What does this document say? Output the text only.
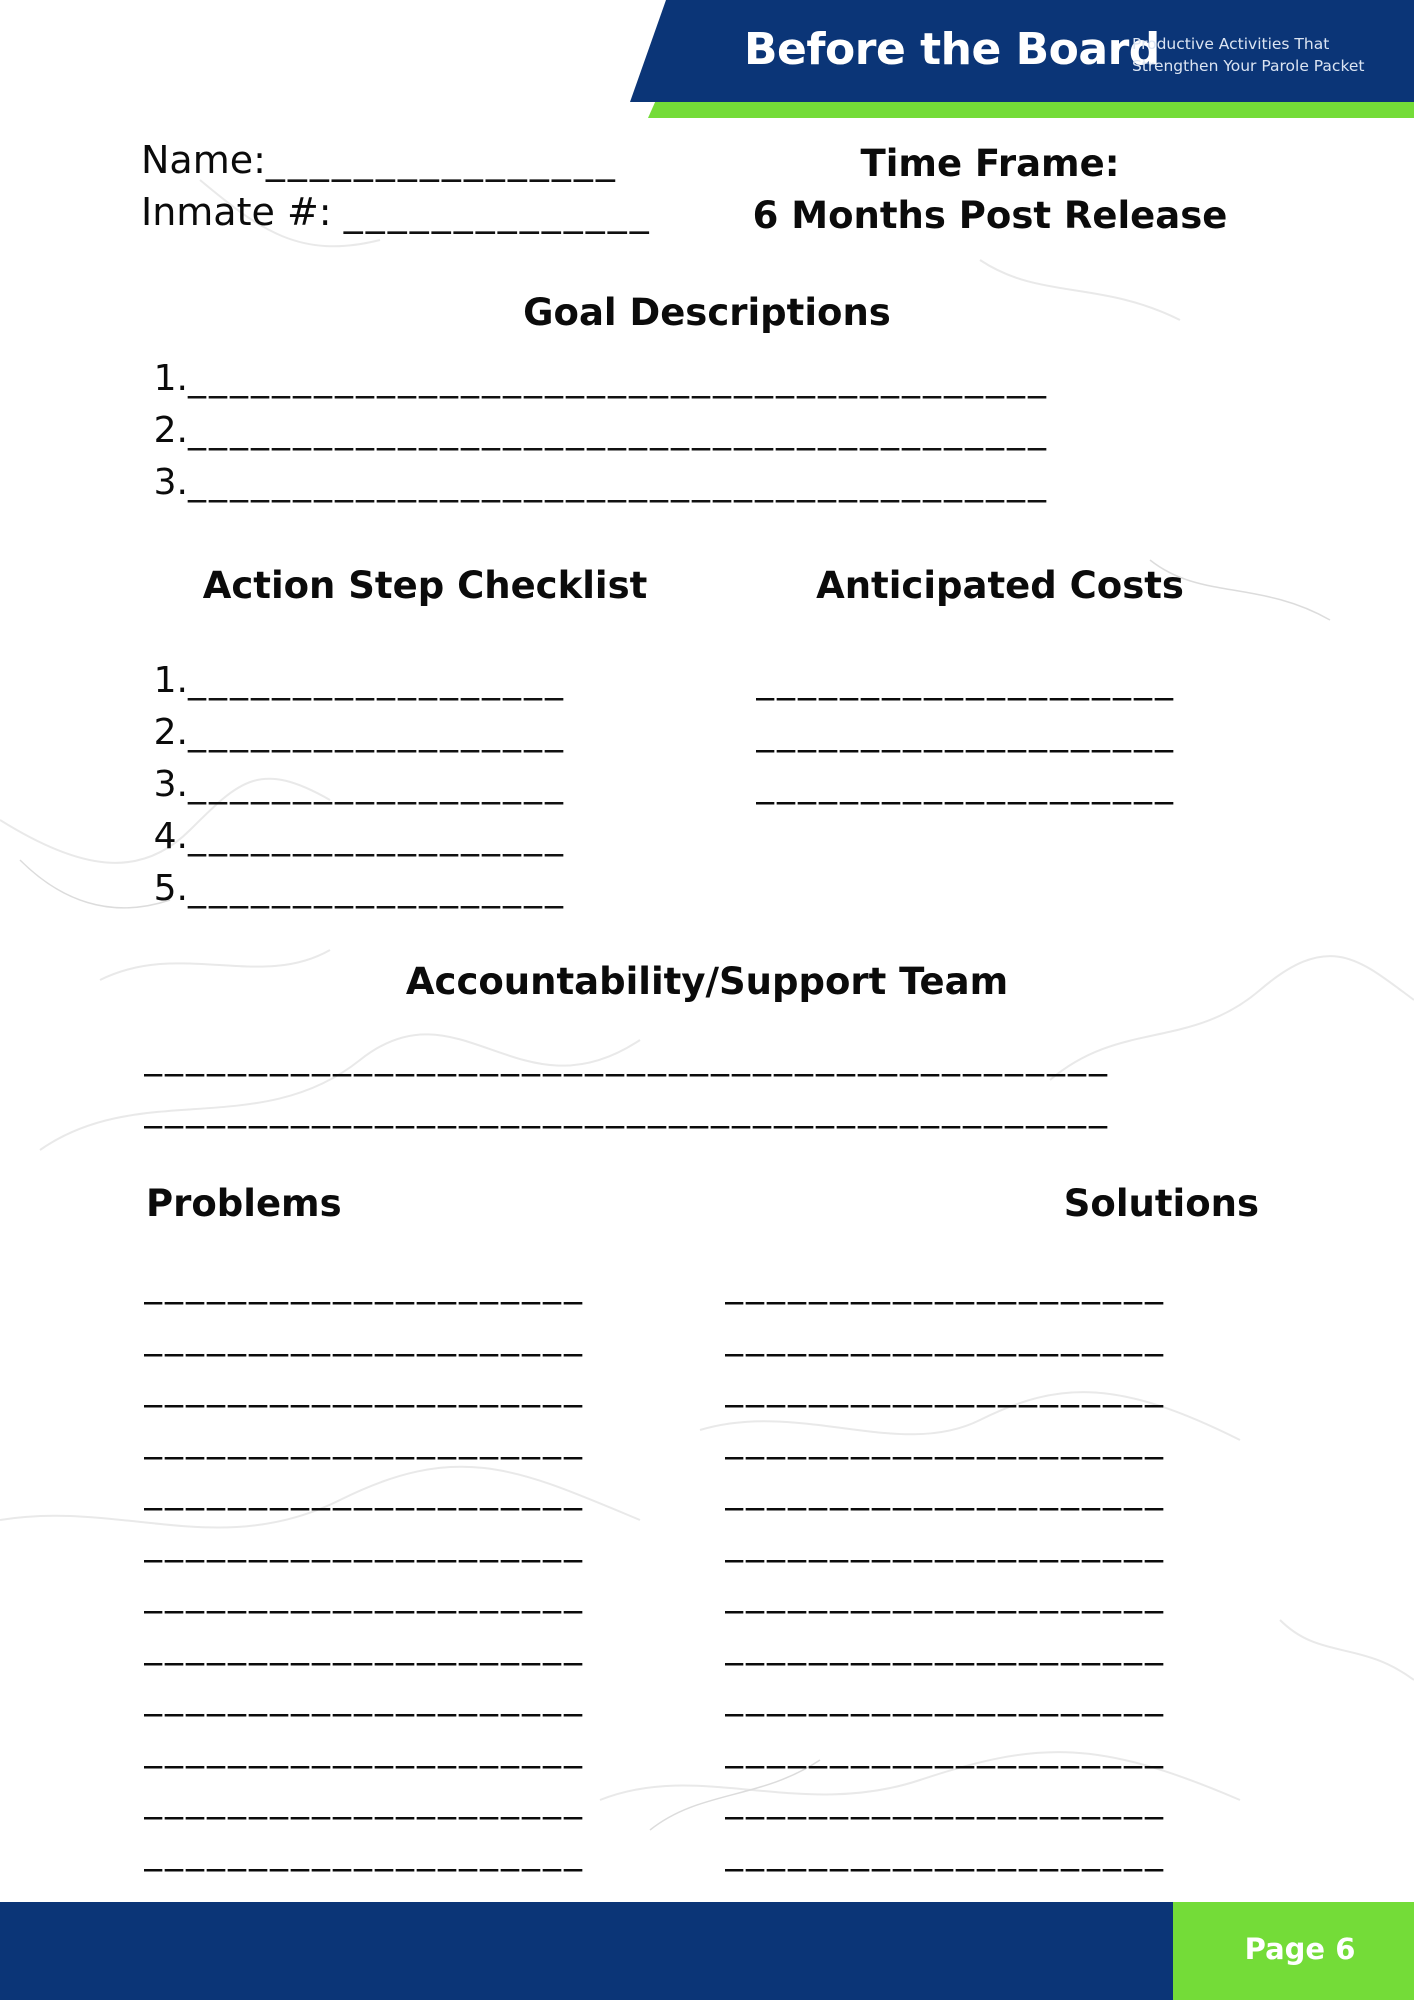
Before the Board
Productive Activities That
Strengthen Your Parole Packet
Name:________________
Inmate #: ______________
Time Frame:
6 Months Post Release
Goal Descriptions
1._________________________________________
2._________________________________________
3._________________________________________
Action Step Checklist
1.__________________
2.__________________
3.__________________
4.__________________
5.__________________
Anticipated Costs
____________________
____________________
____________________
Accountability/Support Team
______________________________________________
______________________________________________
Problems	Solutions
_____________________
_____________________
_____________________
_____________________
_____________________
_____________________
_____________________
_____________________
_____________________
_____________________
_____________________
_____________________
_____________________
_____________________
_____________________
_____________________
_____________________
_____________________
_____________________
_____________________
_____________________
_____________________
_____________________
_____________________
Page 6
